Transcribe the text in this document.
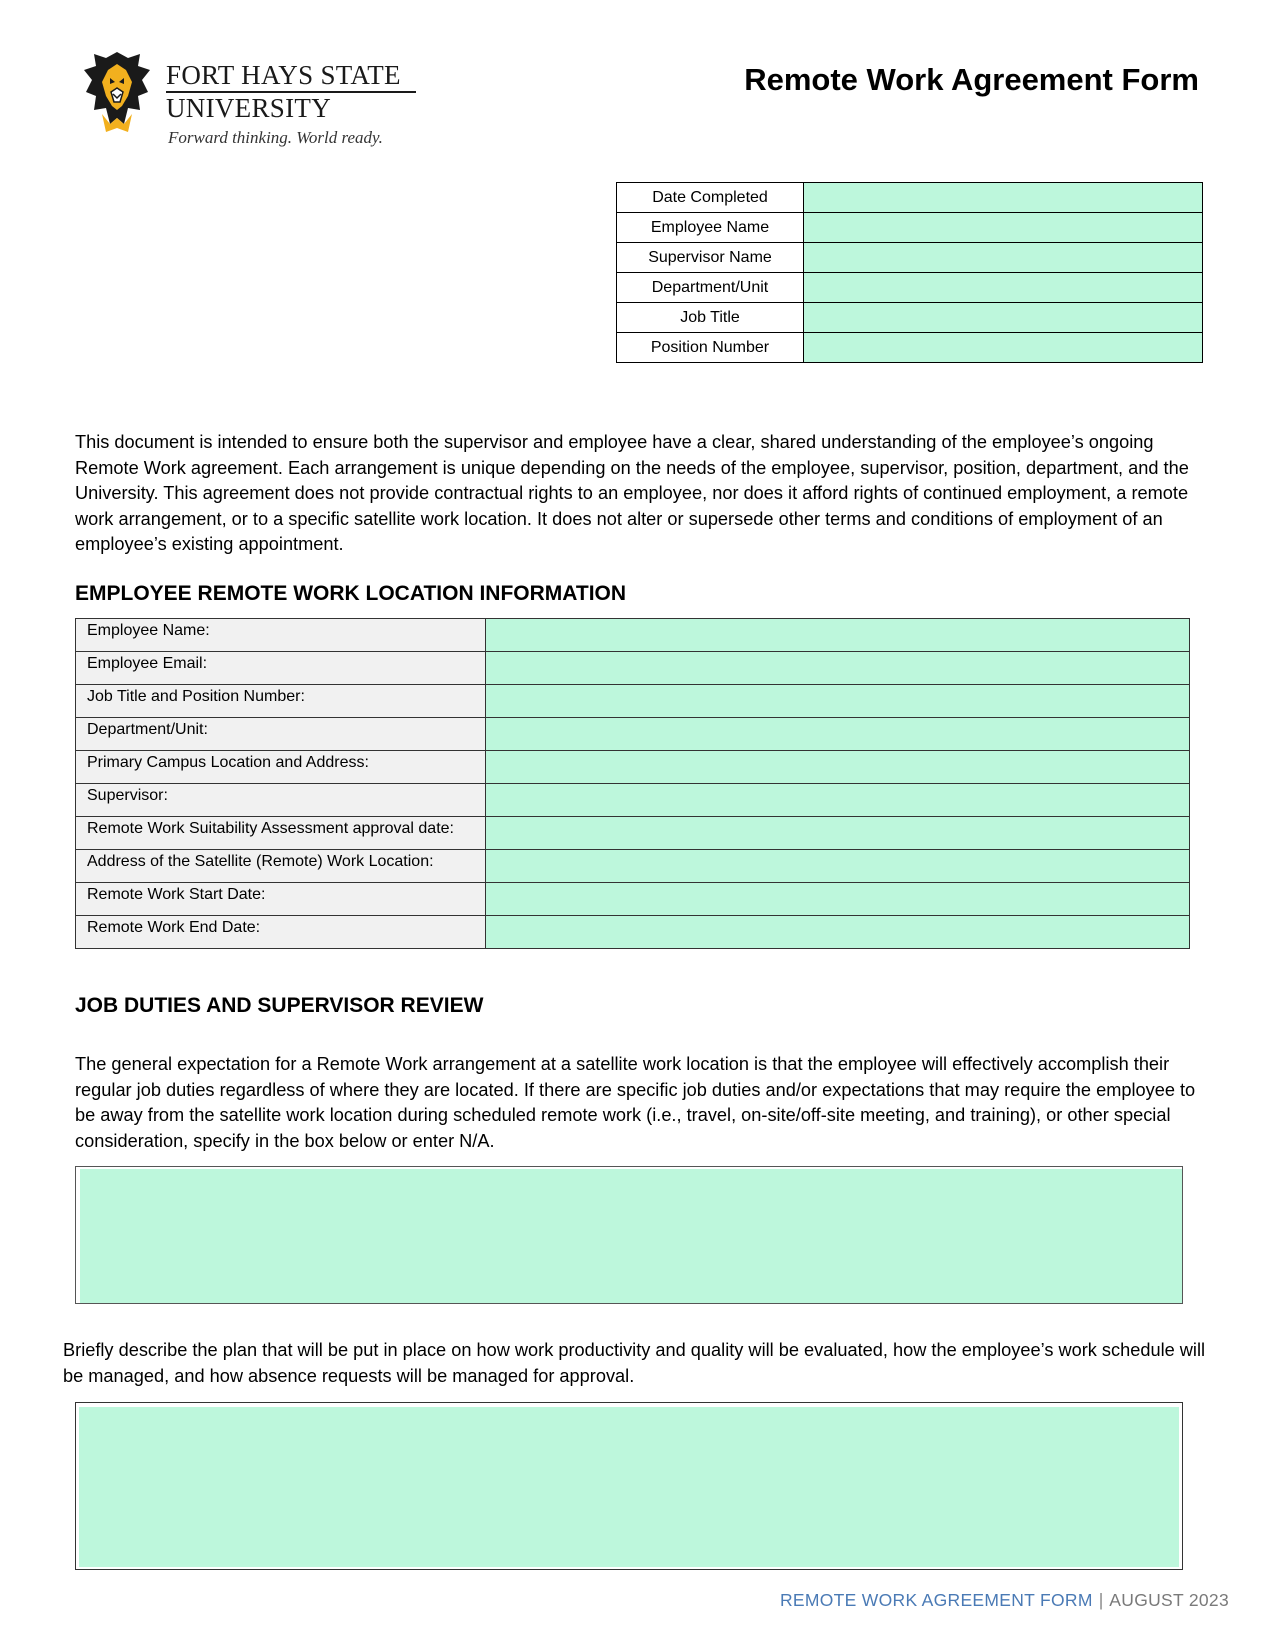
FORT HAYS STATE
UNIVERSITY
Forward thinking. World ready.
Remote Work Agreement Form
Date Completed	
Employee Name	
Supervisor Name	
Department/Unit	
Job Title	
Position Number	
This document is intended to ensure both the supervisor and employee have a clear, shared understanding of the employee’s ongoing Remote Work agreement. Each arrangement is unique depending on the needs of the employee, supervisor, position, department, and the University. This agreement does not provide contractual rights to an employee, nor does it afford rights of continued employment, a remote work arrangement, or to a specific satellite work location. It does not alter or supersede other terms and conditions of employment of an employee’s existing appointment.
EMPLOYEE REMOTE WORK LOCATION INFORMATION
Employee Name:	
Employee Email:	
Job Title and Position Number:	
Department/Unit:	
Primary Campus Location and Address:	
Supervisor:	
Remote Work Suitability Assessment approval date:	
Address of the Satellite (Remote) Work Location:	
Remote Work Start Date:	
Remote Work End Date:	
JOB DUTIES AND SUPERVISOR REVIEW
The general expectation for a Remote Work arrangement at a satellite work location is that the employee will effectively accomplish their regular job duties regardless of where they are located. If there are specific job duties and/or expectations that may require the employee to be away from the satellite work location during scheduled remote work (i.e., travel, on-site/off-site meeting, and training), or other special consideration, specify in the box below or enter N/A.
Briefly describe the plan that will be put in place on how work productivity and quality will be evaluated, how the employee’s work schedule will be managed, and how absence requests will be managed for approval.
REMOTE WORK AGREEMENT FORM | AUGUST 2023
